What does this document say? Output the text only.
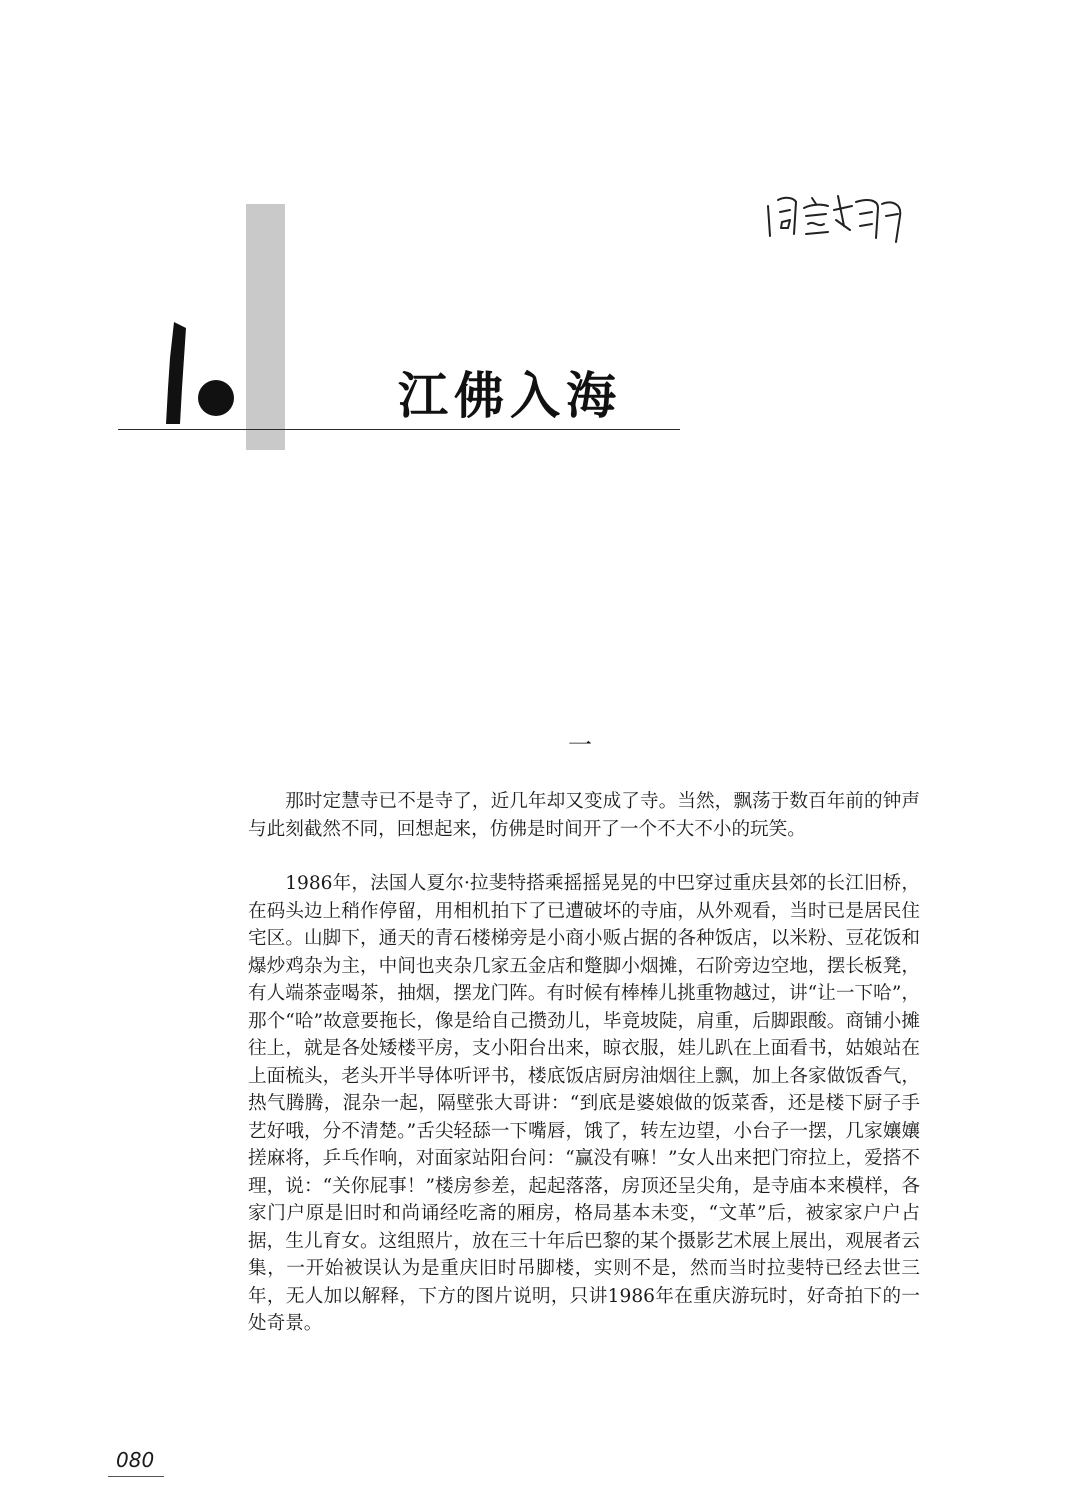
江佛入海
一

那时定慧寺已不是寺了，近几年却又变成了寺。当然，飘荡于数百年前的钟声与此刻截然不同，回想起来，仿佛是时间开了一个不大不小的玩笑。

1986年，法国人夏尔·拉斐特搭乘摇摇晃晃的中巴穿过重庆县郊的长江旧桥，在码头边上稍作停留，用相机拍下了已遭破坏的寺庙，从外观看，当时已是居民住宅区。山脚下，通天的青石楼梯旁是小商小贩占据的各种饭店，以米粉、豆花饭和爆炒鸡杂为主，中间也夹杂几家五金店和蹩脚小烟摊，石阶旁边空地，摆长板凳，有人端茶壶喝茶，抽烟，摆龙门阵。有时候有棒棒儿挑重物越过，讲“让一下哈”，那个“哈”故意要拖长，像是给自己攒劲儿，毕竟坡陡，肩重，后脚跟酸。商铺小摊往上，就是各处矮楼平房，支小阳台出来，晾衣服，娃儿趴在上面看书，姑娘站在上面梳头，老头开半导体听评书，楼底饭店厨房油烟往上飘，加上各家做饭香气，热气腾腾，混杂一起，隔壁张大哥讲：“到底是婆娘做的饭菜香，还是楼下厨子手艺好哦，分不清楚。”舌尖轻舔一下嘴唇，饿了，转左边望，小台子一摆，几家孃孃搓麻将，乒乓作响，对面家站阳台问：“赢没有嘛！”女人出来把门帘拉上，爱搭不理，说：“关你屁事！”楼房参差，起起落落，房顶还呈尖角，是寺庙本来模样，各家门户原是旧时和尚诵经吃斋的厢房，格局基本未变，“文革”后，被家家户户占据，生儿育女。这组照片，放在三十年后巴黎的某个摄影艺术展上展出，观展者云集，一开始被误认为是重庆旧时吊脚楼，实则不是，然而当时拉斐特已经去世三年，无人加以解释，下方的图片说明，只讲1986年在重庆游玩时，好奇拍下的一处奇景。

080
